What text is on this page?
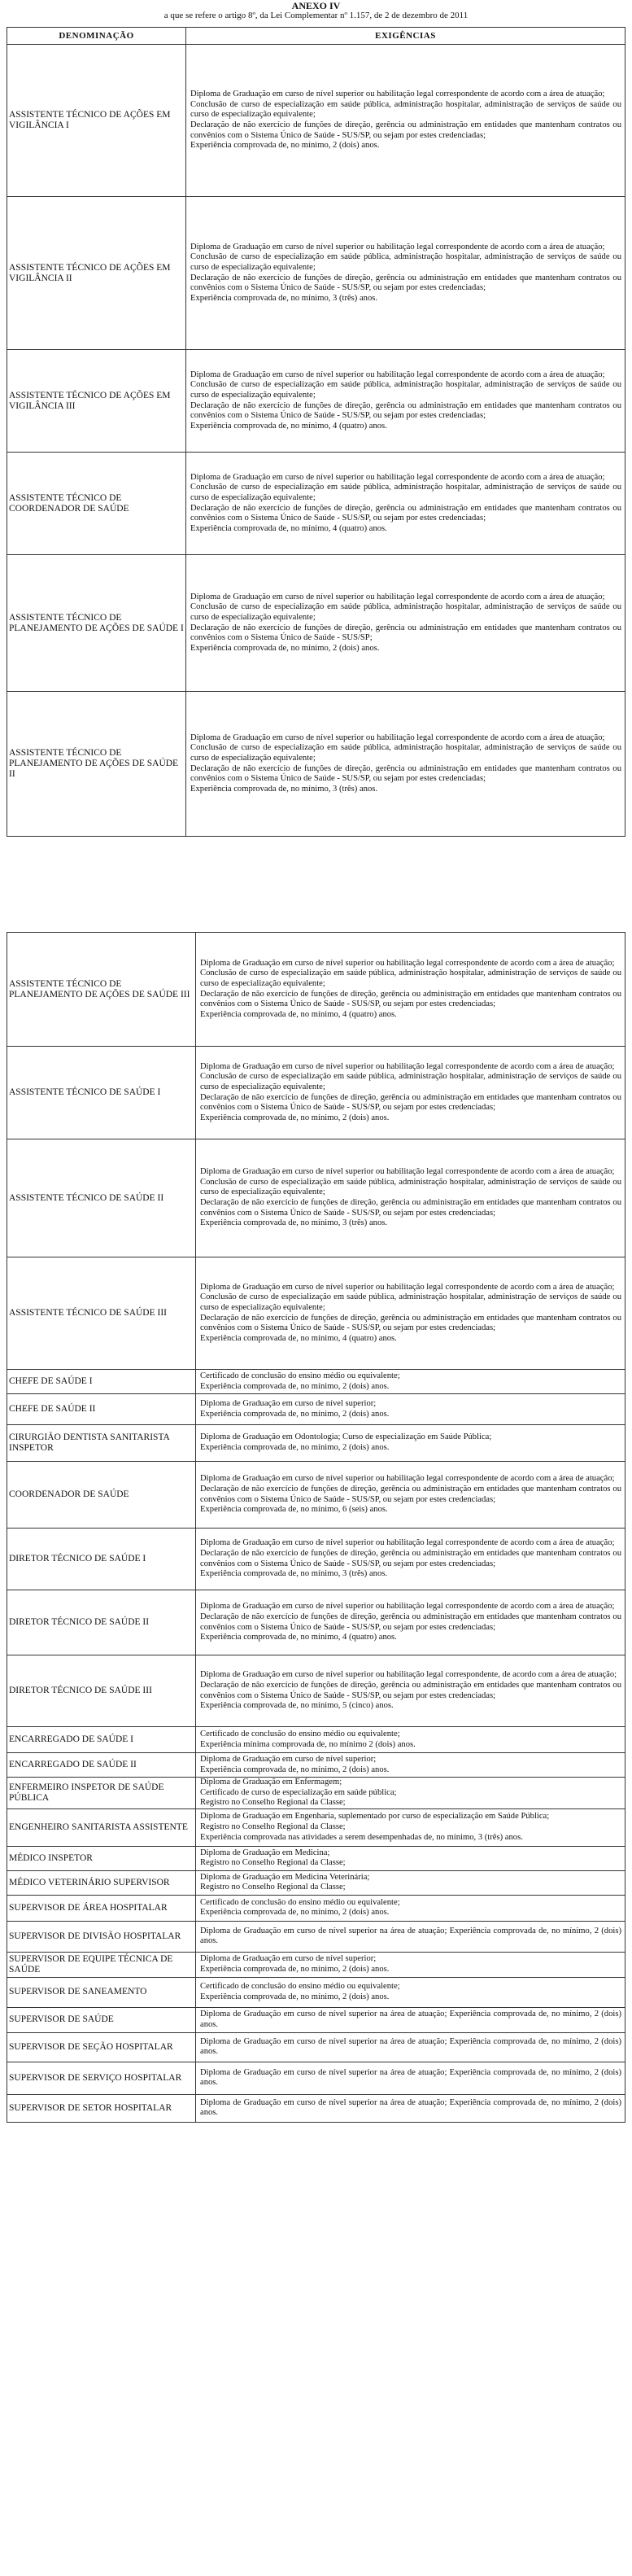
ANEXO IV
a que se refere o artigo 8º, da Lei Complementar nº 1.157, de 2 de dezembro de 2011
DENOMINAÇÃO	EXIGÊNCIAS
ASSISTENTE TÉCNICO DE AÇÕES EM VIGILÂNCIA I	Diploma de Graduação em curso de nível superior ou habilitação legal correspondente de acordo com a área de atuação;
Conclusão de curso de especialização em saúde pública, administração hospitalar, administração de serviços de saúde ou curso de especialização equivalente;
Declaração de não exercício de funções de direção, gerência ou administração em entidades que mantenham contratos ou convênios com o Sistema Único de Saúde - SUS/SP, ou sejam por estes credenciadas;
Experiência comprovada de, no mínimo, 2 (dois) anos.

ASSISTENTE TÉCNICO DE AÇÕES EM VIGILÂNCIA II	Diploma de Graduação em curso de nível superior ou habilitação legal correspondente de acordo com a área de atuação;
Conclusão de curso de especialização em saúde pública, administração hospitalar, administração de serviços de saúde ou curso de especialização equivalente;
Declaração de não exercício de funções de direção, gerência ou administração em entidades que mantenham contratos ou convênios com o Sistema Único de Saúde - SUS/SP, ou sejam por estes credenciadas;
Experiência comprovada de, no mínimo, 3 (três) anos.

ASSISTENTE TÉCNICO DE AÇÕES EM VIGILÂNCIA III	Diploma de Graduação em curso de nível superior ou habilitação legal correspondente de acordo com a área de atuação;
Conclusão de curso de especialização em saúde pública, administração hospitalar, administração de serviços de saúde ou curso de especialização equivalente;
Declaração de não exercício de funções de direção, gerência ou administração em entidades que mantenham contratos ou convênios com o Sistema Único de Saúde - SUS/SP, ou sejam por estes credenciadas;
Experiência comprovada de, no mínimo, 4 (quatro) anos.

ASSISTENTE TÉCNICO DE COORDENADOR DE SAÚDE	Diploma de Graduação em curso de nível superior ou habilitação legal correspondente de acordo com a área de atuação;
Conclusão de curso de especialização em saúde pública, administração hospitalar, administração de serviços de saúde ou curso de especialização equivalente;
Declaração de não exercício de funções de direção, gerência ou administração em entidades que mantenham contratos ou convênios com o Sistema Único de Saúde - SUS/SP, ou sejam por estes credenciadas;
Experiência comprovada de, no mínimo, 4 (quatro) anos.

ASSISTENTE TÉCNICO DE PLANEJAMENTO DE AÇÕES DE SAÚDE I	Diploma de Graduação em curso de nível superior ou habilitação legal correspondente de acordo com a área de atuação;
Conclusão de curso de especialização em saúde pública, administração hospitalar, administração de serviços de saúde ou curso de especialização equivalente;
Declaração de não exercício de funções de direção, gerência ou administração em entidades que mantenham contratos ou convênios com o Sistema Único de Saúde - SUS/SP;
Experiência comprovada de, no mínimo, 2 (dois) anos.

ASSISTENTE TÉCNICO DE PLANEJAMENTO DE AÇÕES DE SAÚDE II	Diploma de Graduação em curso de nível superior ou habilitação legal correspondente de acordo com a área de atuação;
Conclusão de curso de especialização em saúde pública, administração hospitalar, administração de serviços de saúde ou curso de especialização equivalente;
Declaração de não exercício de funções de direção, gerência ou administração em entidades que mantenham contratos ou convênios com o Sistema Único de Saúde - SUS/SP, ou sejam por estes credenciadas;
Experiência comprovada de, no mínimo, 3 (três) anos.
ASSISTENTE TÉCNICO DE PLANEJAMENTO DE AÇÕES DE SAÚDE III	Diploma de Graduação em curso de nível superior ou habilitação legal correspondente de acordo com a área de atuação;
Conclusão de curso de especialização em saúde pública, administração hospitalar, administração de serviços de saúde ou curso de especialização equivalente;
Declaração de não exercício de funções de direção, gerência ou administração em entidades que mantenham contratos ou convênios com o Sistema Único de Saúde - SUS/SP, ou sejam por estes credenciadas;
Experiência comprovada de, no mínimo, 4 (quatro) anos.

ASSISTENTE TÉCNICO DE SAÚDE I	Diploma de Graduação em curso de nível superior ou habilitação legal correspondente de acordo com a área de atuação;
Conclusão de curso de especialização em saúde pública, administração hospitalar, administração de serviços de saúde ou curso de especialização equivalente;
Declaração de não exercício de funções de direção, gerência ou administração em entidades que mantenham contratos ou convênios com o Sistema Único de Saúde - SUS/SP, ou sejam por estes credenciadas;
Experiência comprovada de, no mínimo, 2 (dois) anos.

ASSISTENTE TÉCNICO DE SAÚDE II	Diploma de Graduação em curso de nível superior ou habilitação legal correspondente de acordo com a área de atuação;
Conclusão de curso de especialização em saúde pública, administração hospitalar, administração de serviços de saúde ou curso de especialização equivalente;
Declaração de não exercício de funções de direção, gerência ou administração em entidades que mantenham contratos ou convênios com o Sistema Único de Saúde - SUS/SP, ou sejam por estes credenciadas;
Experiência comprovada de, no mínimo, 3 (três) anos.

ASSISTENTE TÉCNICO DE SAÚDE III	Diploma de Graduação em curso de nível superior ou habilitação legal correspondente de acordo com a área de atuação;
Conclusão de curso de especialização em saúde pública, administração hospitalar, administração de serviços de saúde ou curso de especialização equivalente;
Declaração de não exercício de funções de direção, gerência ou administração em entidades que mantenham contratos ou convênios com o Sistema Único de Saúde - SUS/SP, ou sejam por estes credenciadas;
Experiência comprovada de, no mínimo, 4 (quatro) anos.

CHEFE DE SAÚDE I	Certificado de conclusão do ensino médio ou equivalente;
Experiência comprovada de, no mínimo, 2 (dois) anos.

CHEFE DE SAÚDE II	Diploma de Graduação em curso de nível superior;
Experiência comprovada de, no mínimo, 2 (dois) anos.

CIRURGIÃO DENTISTA SANITARISTA INSPETOR	Diploma de Graduação em Odontologia; Curso de especialização em Saúde Pública;
Experiência comprovada de, no mínimo, 2 (dois) anos.

COORDENADOR DE SAÚDE	Diploma de Graduação em curso de nível superior ou habilitação legal correspondente de acordo com a área de atuação;
Declaração de não exercício de funções de direção, gerência ou administração em entidades que mantenham contratos ou convênios com o Sistema Único de Saúde - SUS/SP, ou sejam por estes credenciadas;
Experiência comprovada de, no mínimo, 6 (seis) anos.

DIRETOR TÉCNICO DE SAÚDE I	Diploma de Graduação em curso de nível superior ou habilitação legal correspondente de acordo com a área de atuação;
Declaração de não exercício de funções de direção, gerência ou administração em entidades que mantenham contratos ou convênios com o Sistema Único de Saúde - SUS/SP, ou sejam por estes credenciadas;
Experiência comprovada de, no mínimo, 3 (três) anos.

DIRETOR TÉCNICO DE SAÚDE II	Diploma de Graduação em curso de nível superior ou habilitação legal correspondente de acordo com a área de atuação;
Declaração de não exercício de funções de direção, gerência ou administração em entidades que mantenham contratos ou convênios com o Sistema Único de Saúde - SUS/SP, ou sejam por estes credenciadas;
Experiência comprovada de, no mínimo, 4 (quatro) anos.

DIRETOR TÉCNICO DE SAÚDE III	Diploma de Graduação em curso de nível superior ou habilitação legal correspondente, de acordo com a área de atuação;
Declaração de não exercício de funções de direção, gerência ou administração em entidades que mantenham contratos ou convênios com o Sistema Único de Saúde - SUS/SP, ou sejam por estes credenciadas;
Experiência comprovada de, no mínimo, 5 (cinco) anos.

ENCARREGADO DE SAÚDE I	Certificado de conclusão do ensino médio ou equivalente;
Experiência mínima comprovada de, no mínimo 2 (dois) anos.

ENCARREGADO DE SAÚDE II	Diploma de Graduação em curso de nível superior;
Experiência comprovada de, no mínimo, 2 (dois) anos.

ENFERMEIRO INSPETOR DE SAÚDE PÚBLICA	Diploma de Graduação em Enfermagem;
Certificado de curso de especialização em saúde pública;
Registro no Conselho Regional da Classe;

ENGENHEIRO SANITARISTA ASSISTENTE	Diploma de Graduação em Engenharia, suplementado por curso de especialização em Saúde Pública;
Registro no Conselho Regional da Classe;
Experiência comprovada nas atividades a serem desempenhadas de, no mínimo, 3 (três) anos.

MÉDICO INSPETOR	Diploma de Graduação em Medicina;
Registro no Conselho Regional da Classe;

MÉDICO VETERINÁRIO SUPERVISOR	Diploma de Graduação em Medicina Veterinária;
Registro no Conselho Regional da Classe;

SUPERVISOR DE ÁREA HOSPITALAR	Certificado de conclusão do ensino médio ou equivalente;
Experiência comprovada de, no mínimo, 2 (dois) anos.

SUPERVISOR DE DIVISÃO HOSPITALAR	Diploma de Graduação em curso de nível superior na área de atuação; Experiência comprovada de, no mínimo, 2 (dois) anos.

SUPERVISOR DE EQUIPE TÉCNICA DE SAÚDE	Diploma de Graduação em curso de nível superior;
Experiência comprovada de, no mínimo, 2 (dois) anos.

SUPERVISOR DE SANEAMENTO	Certificado de conclusão do ensino médio ou equivalente;
Experiência comprovada de, no mínimo, 2 (dois) anos.

SUPERVISOR DE SAÚDE	Diploma de Graduação em curso de nível superior na área de atuação; Experiência comprovada de, no mínimo, 2 (dois) anos.

SUPERVISOR DE SEÇÃO HOSPITALAR	Diploma de Graduação em curso de nível superior na área de atuação; Experiência comprovada de, no mínimo, 2 (dois) anos.

SUPERVISOR DE SERVIÇO HOSPITALAR	Diploma de Graduação em curso de nível superior na área de atuação; Experiência comprovada de, no mínimo, 2 (dois) anos.

SUPERVISOR DE SETOR HOSPITALAR	Diploma de Graduação em curso de nível superior na área de atuação; Experiência comprovada de, no mínimo, 2 (dois) anos.
